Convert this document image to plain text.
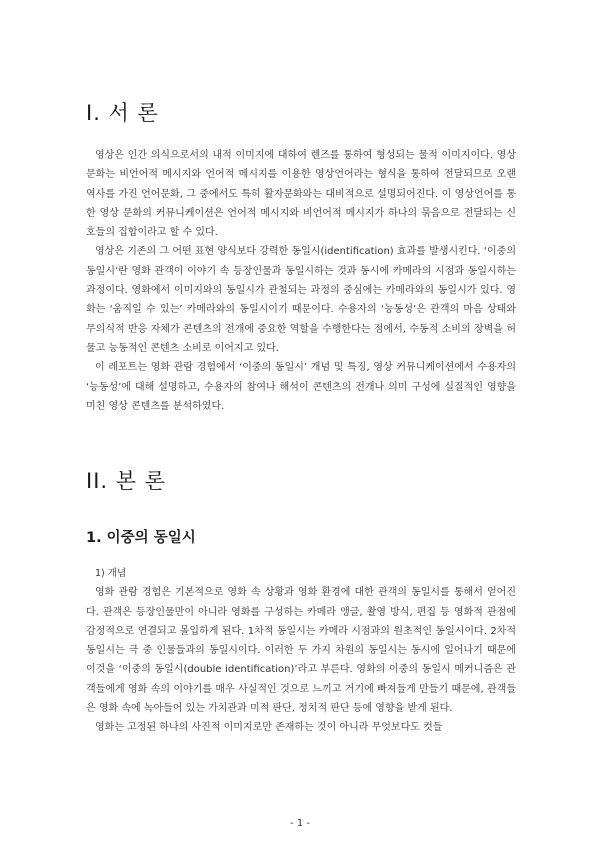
I. 서 론

영상은 인간 의식으로서의 내적 이미지에 대하여 렌즈를 통하여 형성되는 물적 이미지이다. 영상문화는 비언어적 메시지와 언어적 메시지를 이용한 영상언어라는 형식을 통하여 전달되므로 오랜 역사를 가진 언어문화, 그 중에서도 특히 활자문화와는 대비적으로 설명되어진다. 이 영상언어를 통한 영상 문화의 커뮤니케이션은 언어적 메시지와 비언어적 메시지가 하나의 묶음으로 전달되는 신호들의 집합이라고 할 수 있다.

영상은 기존의 그 어떤 표현 양식보다 강력한 동일시(identification) 효과를 발생시킨다. ‘이중의 동일시’란 영화 관객이 이야기 속 등장인물과 동일시하는 것과 동시에 카메라의 시점과 동일시하는 과정이다. 영화에서 이미지와의 동일시가 관철되는 과정의 중심에는 카메라와의 동일시가 있다. 영화는 ‘움직일 수 있는’ 카메라와의 동일시이기 때문이다. 수용자의 ‘능동성’은 관객의 마음 상태와 무의식적 반응 자체가 콘텐츠의 전개에 중요한 역할을 수행한다는 점에서, 수동적 소비의 장벽을 허물고 능동적인 콘텐츠 소비로 이어지고 있다.

이 레포트는 영화 관람 경험에서 ‘이중의 동일시’ 개념 및 특징, 영상 커뮤니케이션에서 수용자의 ‘능동성’에 대해 설명하고, 수용자의 참여나 해석이 콘텐츠의 전개나 의미 구성에 실질적인 영향을 미친 영상 콘텐츠를 분석하였다.

II. 본 론
1. 이중의 동일시

1) 개념

영화 관람 경험은 기본적으로 영화 속 상황과 영화 환경에 대한 관객의 동일시를 통해서 얻어진다. 관객은 등장인물만이 아니라 영화를 구성하는 카메라 앵글, 촬영 방식, 편집 등 영화적 관점에 감정적으로 연결되고 몰입하게 된다. 1차적 동일시는 카메라 시점과의 원초적인 동일시이다. 2차적 동일시는 극 중 인물들과의 동일시이다. 이러한 두 가지 차원의 동일시는 동시에 일어나기 때문에 이것을 ‘이중의 동일시(double identification)’라고 부른다. 영화의 이중의 동일시 메커니즘은 관객들에게 영화 속의 이야기를 매우 사실적인 것으로 느끼고 거기에 빠져들게 만들기 때문에, 관객들은 영화 속에 녹아들어 있는 가치관과 미적 판단, 정치적 판단 등에 영향을 받게 된다.

영화는 고정된 하나의 사진적 이미지로만 존재하는 것이 아니라 무엇보다도 컷들

- 1 -
